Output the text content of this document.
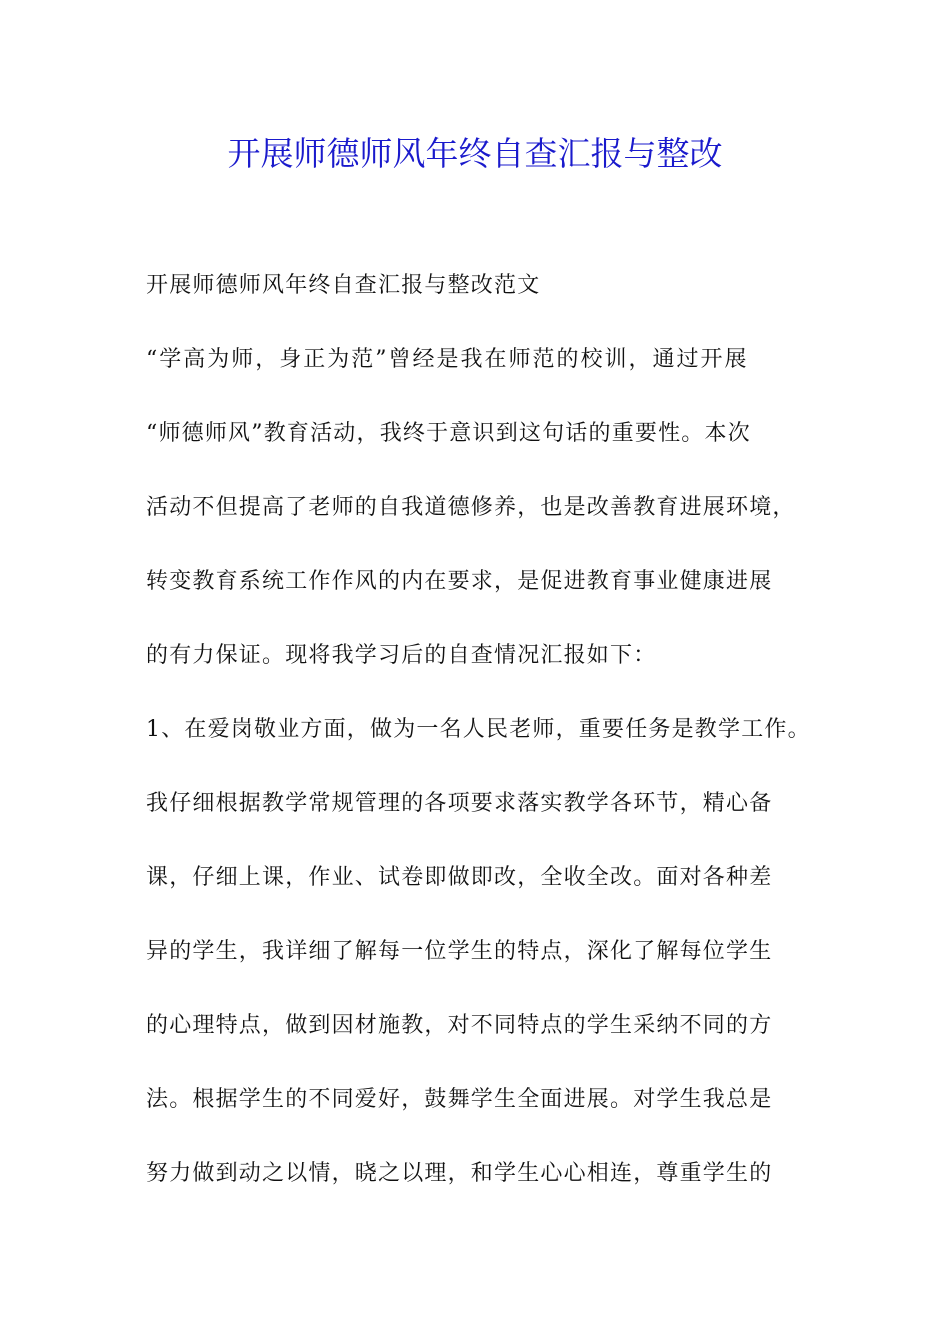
开展师德师风年终自查汇报与整改
开展师德师风年终自查汇报与整改范文
“学高为师，身正为范”曾经是我在师范的校训，通过开展
“师德师风”教育活动，我终于意识到这句话的重要性。本次
活动不但提高了老师的自我道德修养，也是改善教育进展环境，
转变教育系统工作作风的内在要求，是促进教育事业健康进展
的有力保证。现将我学习后的自查情况汇报如下：
1、在爱岗敬业方面，做为一名人民老师，重要任务是教学工作。
我仔细根据教学常规管理的各项要求落实教学各环节，精心备
课，仔细上课，作业、试卷即做即改，全收全改。面对各种差
异的学生，我详细了解每一位学生的特点，深化了解每位学生
的心理特点，做到因材施教，对不同特点的学生采纳不同的方
法。根据学生的不同爱好，鼓舞学生全面进展。对学生我总是
努力做到动之以情，晓之以理，和学生心心相连，尊重学生的
